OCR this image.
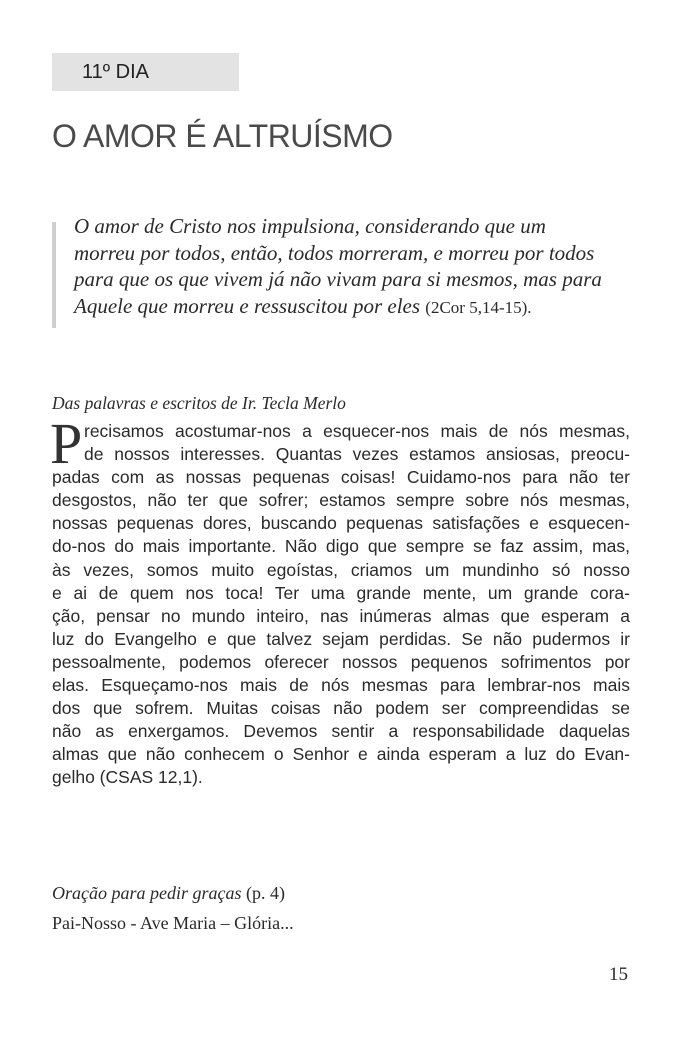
11º DIA
O AMOR É ALTRUÍSMO
O amor de Cristo nos impulsiona, considerando que um
morreu por todos, então, todos morreram, e morreu por todos
para que os que vivem já não vivam para si mesmos, mas para
Aquele que morreu e ressuscitou por eles (2Cor 5,14-15).
Das palavras e escritos de Ir. Tecla Merlo
P recisamos acostumar-nos a esquecer-nos mais de nós mesmas,
de nossos interesses. Quantas vezes estamos ansiosas, preocu-
padas com as nossas pequenas coisas! Cuidamo-nos para não ter
desgostos, não ter que sofrer; estamos sempre sobre nós mesmas,
nossas pequenas dores, buscando pequenas satisfações e esquecen-
do-nos do mais importante. Não digo que sempre se faz assim, mas,
às vezes, somos muito egoístas, criamos um mundinho só nosso
e ai de quem nos toca! Ter uma grande mente, um grande cora-
ção, pensar no mundo inteiro, nas inúmeras almas que esperam a
luz do Evangelho e que talvez sejam perdidas. Se não pudermos ir
pessoalmente, podemos oferecer nossos pequenos sofrimentos por
elas. Esqueçamo-nos mais de nós mesmas para lembrar-nos mais
dos que sofrem. Muitas coisas não podem ser compreendidas se
não as enxergamos. Devemos sentir a responsabilidade daquelas
almas que não conhecem o Senhor e ainda esperam a luz do Evan-
gelho (CSAS 12,1).
Oração para pedir graças (p. 4)
Pai-Nosso - Ave Maria – Glória...
15
